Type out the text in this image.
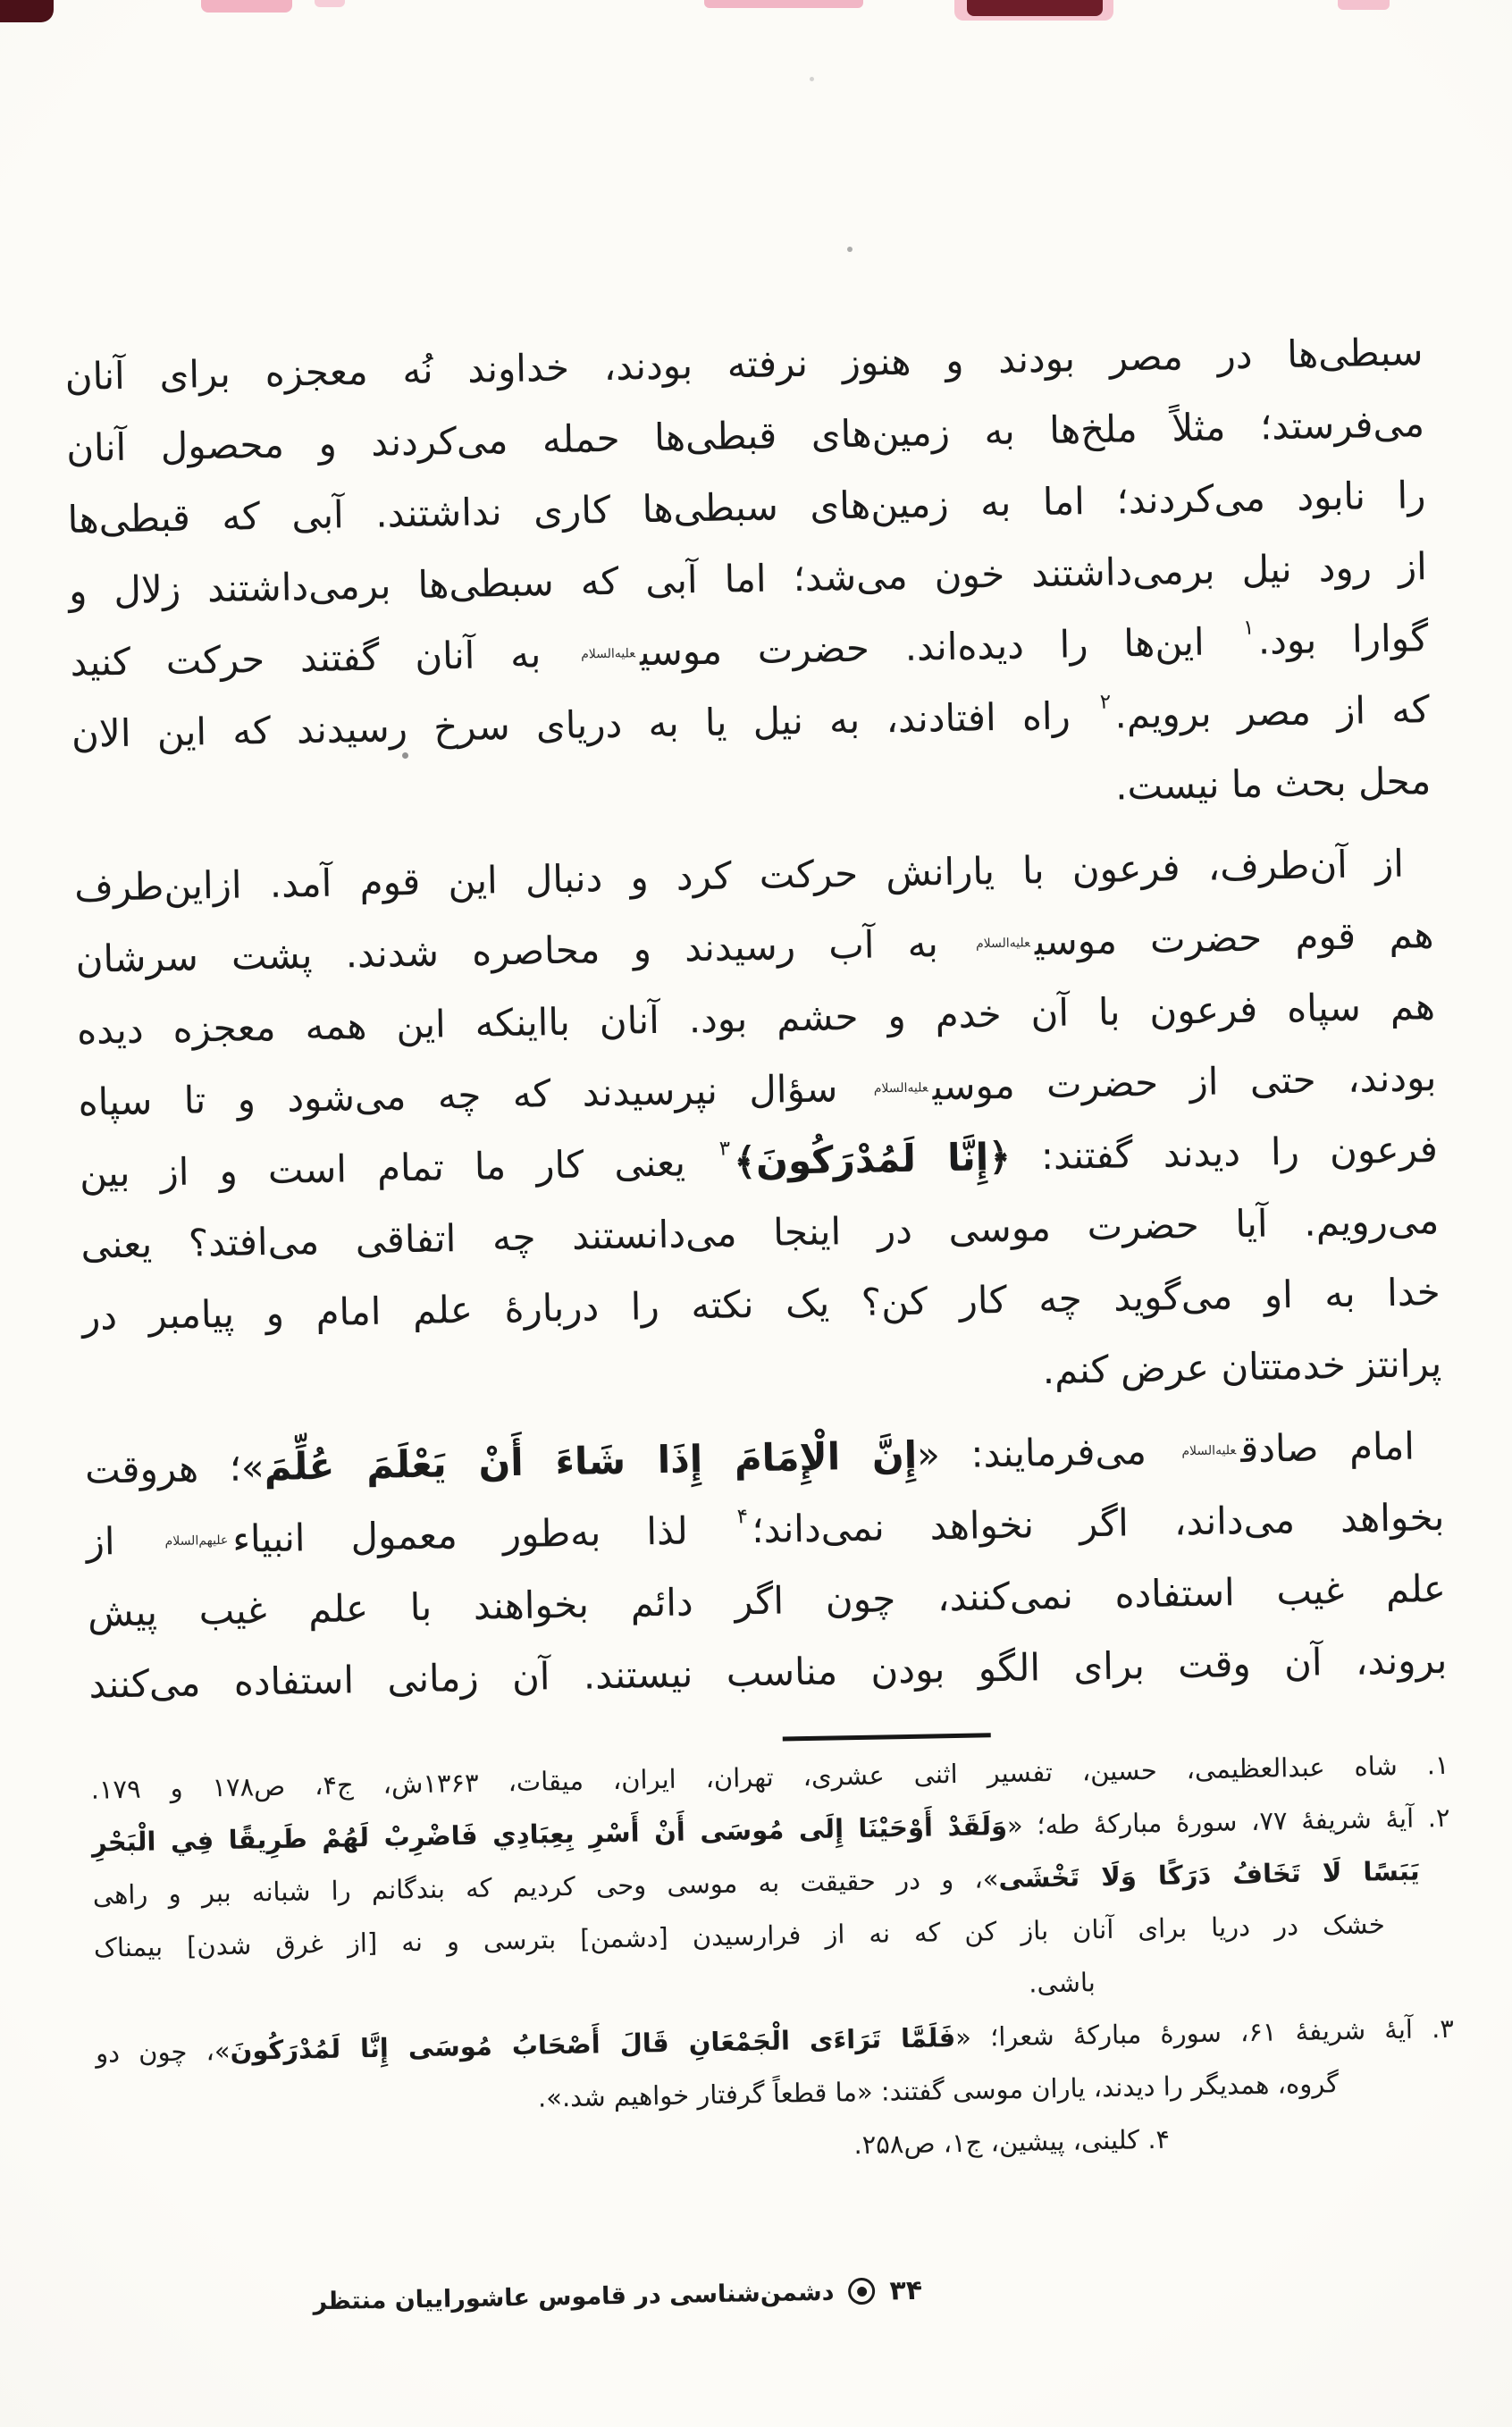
سبطی‌ها در مصر بودند و هنوز نرفته بودند، خداوند نُه معجزه برای آنان
می‌فرستد؛ مثلاً ملخ‌ها به زمین‌های قبطی‌ها حمله می‌کردند و محصول آنان
را نابود می‌کردند؛ اما به زمین‌های سبطی‌ها کاری نداشتند. آبی که قبطی‌ها
از رود نیل برمی‌داشتند خون می‌شد؛ اما آبی که سبطی‌ها برمی‌داشتند زلال و
گوارا بود.$^۱$ این‌ها را دیده‌اند. حضرت موسی$^{علیه‌السلام}$ به آنان گفتند حرکت کنید
که از مصر برویم.$^۲$ راه افتادند، به نیل یا به دریای سرخ رسیدند که این الان
محل بحث ما نیست.
از آن‌طرف، فرعون با یارانش حرکت کرد و دنبال این قوم آمد. ازاین‌طرف
هم قوم حضرت موسی$^{علیه‌السلام}$ به آب رسیدند و محاصره شدند. پشت سرشان
هم سپاه فرعون با آن خدم و حشم بود. آنان بااینکه این همه معجزه دیده
بودند، حتی از حضرت موسی$^{علیه‌السلام}$ سؤال نپرسیدند که چه می‌شود و تا سپاه
فرعون را دیدند گفتند: ﴿إِنَّا لَمُدْرَكُونَ﴾$^۳$ یعنی کار ما تمام است و از بین
می‌رویم. آیا حضرت موسی در اینجا می‌دانستند چه اتفاقی می‌افتد؟ یعنی
خدا به او می‌گوید چه کار کن؟ یک نکته را دربارهٔ علم امام و پیامبر در
پرانتز خدمتتان عرض کنم.
امام صادق$^{علیه‌السلام}$ می‌فرمایند: «إِنَّ الْإِمَامَ إِذَا شَاءَ أَنْ يَعْلَمَ عُلِّمَ»؛ هروقت
بخواهد می‌داند، اگر نخواهد نمی‌داند؛$^۴$ لذا به‌طور معمول انبیاء$^{علیهم‌السلام}$ از
علم غیب استفاده نمی‌کنند، چون اگر دائم بخواهند با علم غیب پیش
بروند، آن وقت برای الگو بودن مناسب نیستند. آن زمانی استفاده می‌کنند
۱. شاه عبدالعظیمی، حسین، تفسیر اثنی عشری، تهران، ایران، میقات، ۱۳۶۳ش، ج۴، ص۱۷۸ و ۱۷۹.
۲. آیهٔ شریفهٔ ۷۷، سورهٔ مبارکهٔ طه؛ «وَلَقَدْ أَوْحَيْنَا إِلَى مُوسَى أَنْ أَسْرِ بِعِبَادِي فَاضْرِبْ لَهُمْ طَرِيقًا فِي الْبَحْرِ
يَبَسًا لَا تَخَافُ دَرَكًا وَلَا تَخْشَى»، و در حقیقت به موسی وحی کردیم که بندگانم را شبانه ببر و راهی
خشک در دریا برای آنان باز کن که نه از فرارسیدن [دشمن] بترسی و نه [از غرق شدن] بیمناک
باشی.
۳. آیهٔ شریفهٔ ۶۱، سورهٔ مبارکهٔ شعرا؛ «فَلَمَّا تَرَاءَى الْجَمْعَانِ قَالَ أَصْحَابُ مُوسَى إِنَّا لَمُدْرَكُونَ»، چون دو
گروه، همدیگر را دیدند، یاران موسی گفتند: «ما قطعاً گرفتار خواهیم شد.».
۴. کلینی، پیشین، ج۱، ص۲۵۸.
۳۴
دشمن‌شناسی در قاموس عاشوراییان منتظر
